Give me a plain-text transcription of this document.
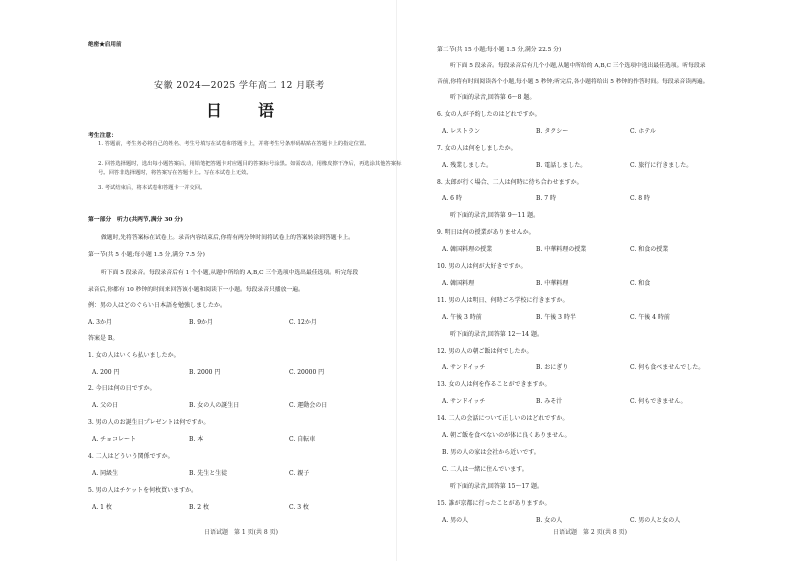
绝密★启用前
安徽 2024—2025 学年高二 12 月联考
日　语
考生注意：
1. 答题前，考生务必将自己的姓名、考生号填写在试卷和答题卡上，并将考生号条形码粘贴在答题卡上的指定位置。
2. 回答选择题时，选出每小题答案后，用铅笔把答题卡对应题目的答案标号涂黑。如需改动，用橡皮擦干净后，再选涂其他答案标号。回答非选择题时，将答案写在答题卡上。写在本试卷上无效。
3. 考试结束后，将本试卷和答题卡一并交回。
第一部分　听力(共两节,满分 30 分)
做题时,先将答案标在试卷上。录音内容结束后,你将有两分钟时间将试卷上的答案转涂到答题卡上。
第一节(共 5 小题;每小题 1.5 分,满分 7.5 分)
听下面 5 段录音。每段录音后有 1 个小题,从题中所给的 A,B,C 三个选项中选出最佳选项。听完每段
录音后,你都有 10 秒钟的时间来回答该小题和阅读下一小题。每段录音只播放一遍。
例：男の人はどのぐらい日本語を勉強しましたか。
A. 3か月	B. 9か月	C. 12か月
答案是 B。
1. 女の人はいくら払いましたか。
A. 200 円	B. 2000 円	C. 20000 円
2. 今日は何の日ですか。
A. 父の日	B. 女の人の誕生日	C. 運動会の日
3. 男の人のお誕生日プレゼントは何ですか。
A. チョコレート	B. 本	C. 自転車
4. 二人はどういう関係ですか。
A. 同級生	B. 先生と生徒	C. 親子
5. 男の人はチケットを何枚買いますか。
A. 1 枚	B. 2 枚	C. 3 枚
日语试题　第 1 页(共 8 页)
第二节(共 15 小题;每小题 1.5 分,满分 22.5 分)
听下面 5 段录音。每段录音后有几个小题,从题中所给的 A,B,C 三个选项中选出最佳选项。听每段录
音前,你将有时间阅读各个小题,每小题 5 秒钟;听完后,各小题将给出 5 秒钟的作答时间。每段录音读两遍。
听下面的录音,回答第 6～8 题。
6. 女の人が予約したのはどれですか。
A. レストラン	B. タクシー	C. ホテル
7. 女の人は何をしましたか。
A. 残業しました。	B. 電話しました。	C. 旅行に行きました。
8. 太郎が行く場合、二人は何時に待ち合わせますか。
A. 6 時	B. 7 時	C. 8 時
听下面的录音,回答第 9～11 题。
9. 明日は何の授業がありませんか。
A. 韓国料理の授業	B. 中華料理の授業	C. 和食の授業
10. 男の人は何が大好きですか。
A. 韓国料理	B. 中華料理	C. 和食
11. 男の人は明日、何時ごろ学校に行きますか。
A. 午後 3 時前	B. 午後 3 時半	C. 午後 4 時前
听下面的录音,回答第 12～14 题。
12. 男の人の朝ご飯は何でしたか。
A. サンドイッチ	B. おにぎり	C. 何も食べませんでした。
13. 女の人は何を作ることができますか。
A. サンドイッチ	B. みそ汁	C. 何もできません。
14. 二人の会話について正しいのはどれですか。
A. 朝ご飯を食べないのが体に良くありません。
B. 男の人の家は会社から近いです。
C. 二人は一緒に住んでいます。
听下面的录音,回答第 15～17 题。
15. 誰が京都に行ったことがありますか。
A. 男の人	B. 女の人	C. 男の人と女の人
日语试题　第 2 页(共 8 页)
